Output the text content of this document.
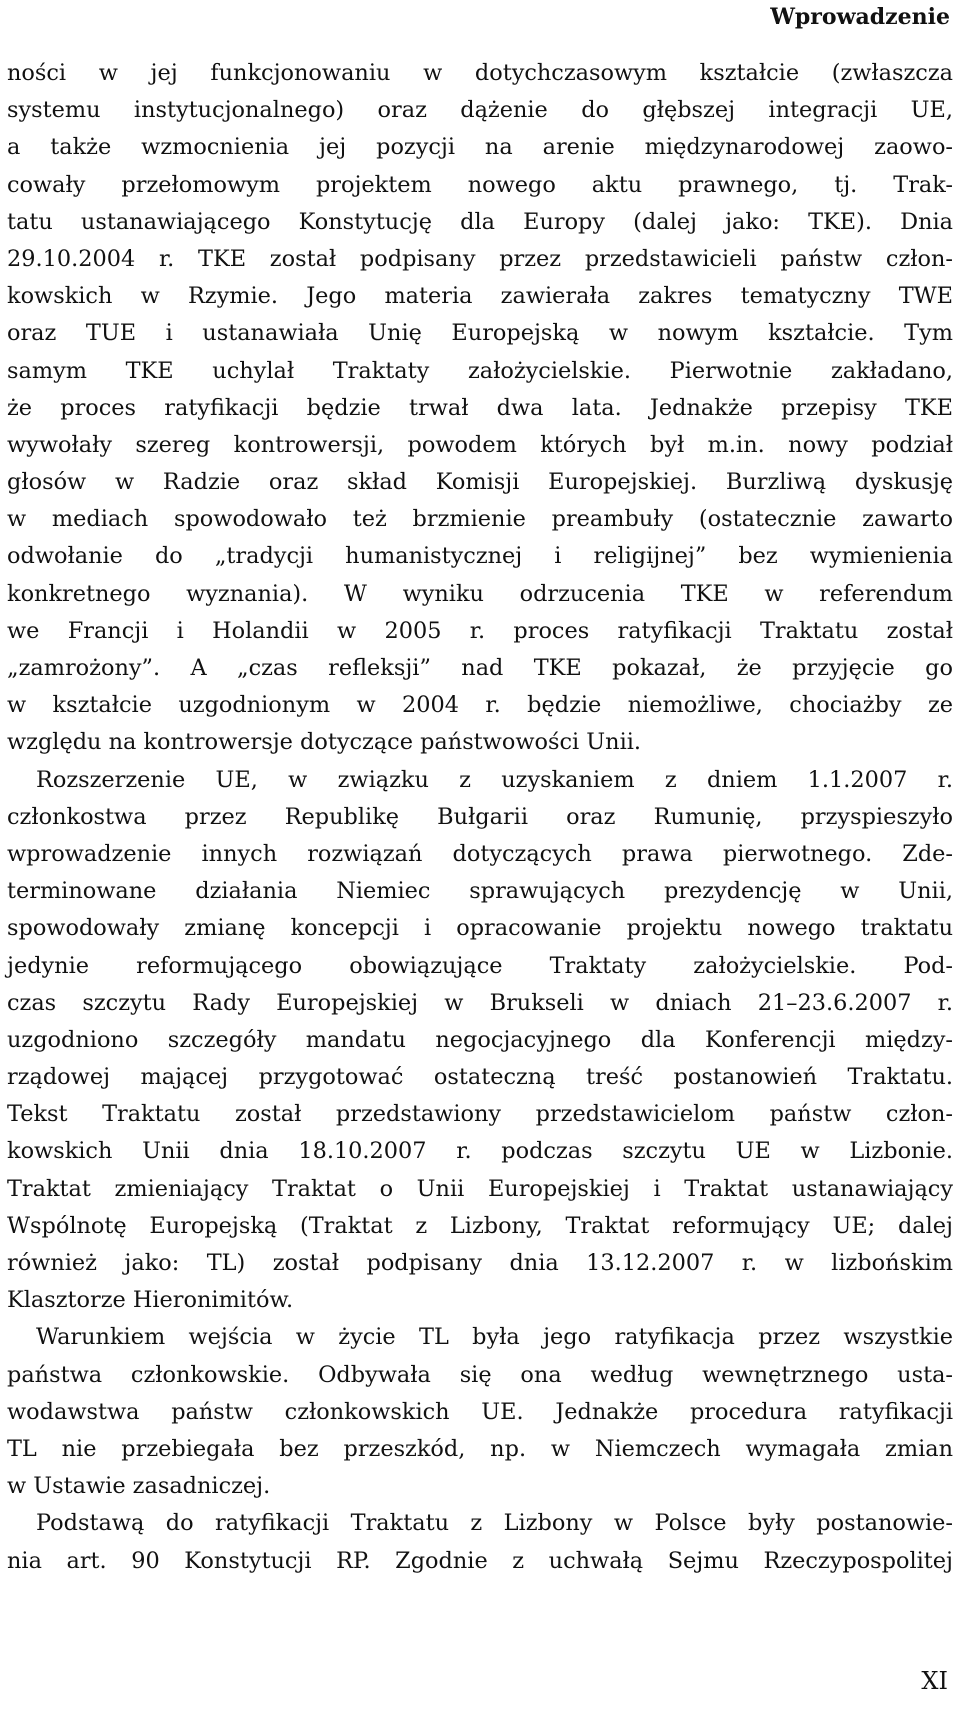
Wprowadzenie
ności w jej funkcjonowaniu w dotychczasowym kształcie (zwłaszcza
systemu instytucjonalnego) oraz dążenie do głębszej integracji UE,
a także wzmocnienia jej pozycji na arenie międzynarodowej zaowo-
cowały przełomowym projektem nowego aktu prawnego, tj. Trak-
tatu ustanawiającego Konstytucję dla Europy (dalej jako: TKE). Dnia
29.10.2004 r. TKE został podpisany przez przedstawicieli państw człon-
kowskich w Rzymie. Jego materia zawierała zakres tematyczny TWE
oraz TUE i ustanawiała Unię Europejską w nowym kształcie. Tym
samym TKE uchylał Traktaty założycielskie. Pierwotnie zakładano,
że proces ratyfikacji będzie trwał dwa lata. Jednakże przepisy TKE
wywołały szereg kontrowersji, powodem których był m.in. nowy podział
głosów w Radzie oraz skład Komisji Europejskiej. Burzliwą dyskusję
w mediach spowodowało też brzmienie preambuły (ostatecznie zawarto
odwołanie do „tradycji humanistycznej i religijnej” bez wymienienia
konkretnego wyznania). W wyniku odrzucenia TKE w referendum
we Francji i Holandii w 2005 r. proces ratyfikacji Traktatu został
„zamrożony”. A „czas refleksji” nad TKE pokazał, że przyjęcie go
w kształcie uzgodnionym w 2004 r. będzie niemożliwe, chociażby ze
względu na kontrowersje dotyczące państwowości Unii.
Rozszerzenie UE, w związku z uzyskaniem z dniem 1.1.2007 r.
członkostwa przez Republikę Bułgarii oraz Rumunię, przyspieszyło
wprowadzenie innych rozwiązań dotyczących prawa pierwotnego. Zde-
terminowane działania Niemiec sprawujących prezydencję w Unii,
spowodowały zmianę koncepcji i opracowanie projektu nowego traktatu
jedynie reformującego obowiązujące Traktaty założycielskie. Pod-
czas szczytu Rady Europejskiej w Brukseli w dniach 21–23.6.2007 r.
uzgodniono szczegóły mandatu negocjacyjnego dla Konferencji między-
rządowej mającej przygotować ostateczną treść postanowień Traktatu.
Tekst Traktatu został przedstawiony przedstawicielom państw człon-
kowskich Unii dnia 18.10.2007 r. podczas szczytu UE w Lizbonie.
Traktat zmieniający Traktat o Unii Europejskiej i Traktat ustanawiający
Wspólnotę Europejską (Traktat z Lizbony, Traktat reformujący UE; dalej
również jako: TL) został podpisany dnia 13.12.2007 r. w lizbońskim
Klasztorze Hieronimitów.
Warunkiem wejścia w życie TL była jego ratyfikacja przez wszystkie
państwa członkowskie. Odbywała się ona według wewnętrznego usta-
wodawstwa państw członkowskich UE. Jednakże procedura ratyfikacji
TL nie przebiegała bez przeszkód, np. w Niemczech wymagała zmian
w Ustawie zasadniczej.
Podstawą do ratyfikacji Traktatu z Lizbony w Polsce były postanowie-
nia art. 90 Konstytucji RP. Zgodnie z uchwałą Sejmu Rzeczypospolitej
XI
